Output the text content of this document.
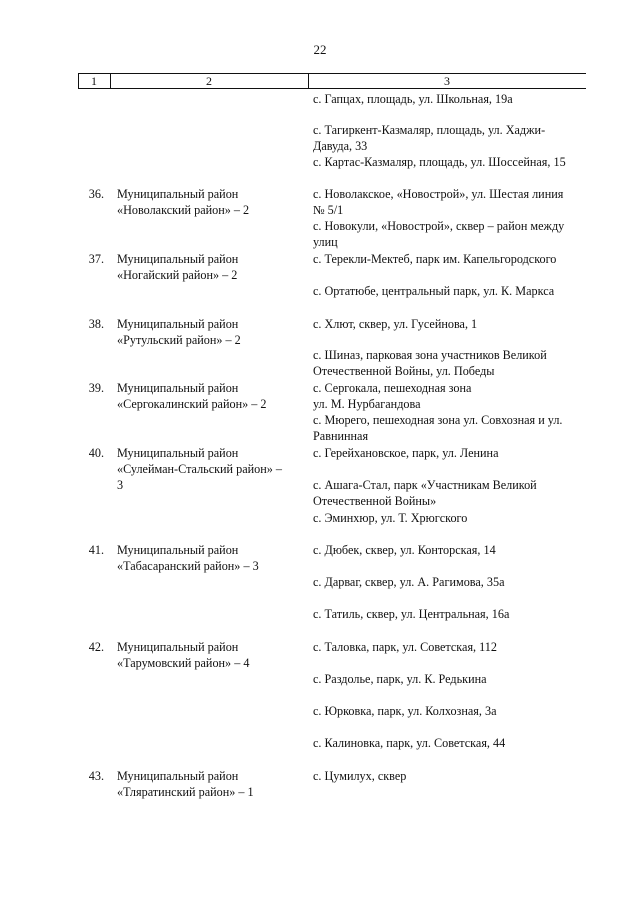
22
1	2	3
с. Гапцах, площадь, ул. Школьная, 19а
с. Тагиркент-Казмаляр, площадь, ул. Хаджи-
Давуда, 33
с. Картас-Казмаляр, площадь, ул. Шоссейная, 15
36. Муниципальный район
«Новолакский район» – 2
с. Новолакское, «Новострой», ул. Шестая линия
№ 5/1
с. Новокули, «Новострой», сквер – район между
улиц
37. Муниципальный район
«Ногайский район» – 2
с. Терекли-Мектеб, парк им. Капельгородского
с. Ортатюбе, центральный парк, ул. К. Маркса
38. Муниципальный район
«Рутульский район» – 2
с. Хлют, сквер, ул. Гусейнова, 1
с. Шиназ, парковая зона участников Великой
Отечественной Войны, ул. Победы
39. Муниципальный район
«Сергокалинский район» – 2
с. Сергокала, пешеходная зона
ул. М. Нурбагандова
с. Мюрего, пешеходная зона ул. Совхозная и ул.
Равнинная
40. Муниципальный район
«Сулейман-Стальский район» –
3
с. Герейхановское, парк, ул. Ленина
с. Ашага-Стал, парк «Участникам Великой
Отечественной Войны»
с. Эминхюр, ул. Т. Хрюгского
41. Муниципальный район
«Табасаранский район» – 3
с. Дюбек, сквер, ул. Конторская, 14
с. Дарваг, сквер, ул. А. Рагимова, 35а
с. Татиль, сквер, ул. Центральная, 16а
42. Муниципальный район
«Тарумовский район» – 4
с. Таловка, парк, ул. Советская, 112
с. Раздолье, парк, ул. К. Редькина
с. Юрковка, парк, ул. Колхозная, 3а
с. Калиновка, парк, ул. Советская, 44
43. Муниципальный район
«Тляратинский район» – 1
с. Цумилух, сквер
